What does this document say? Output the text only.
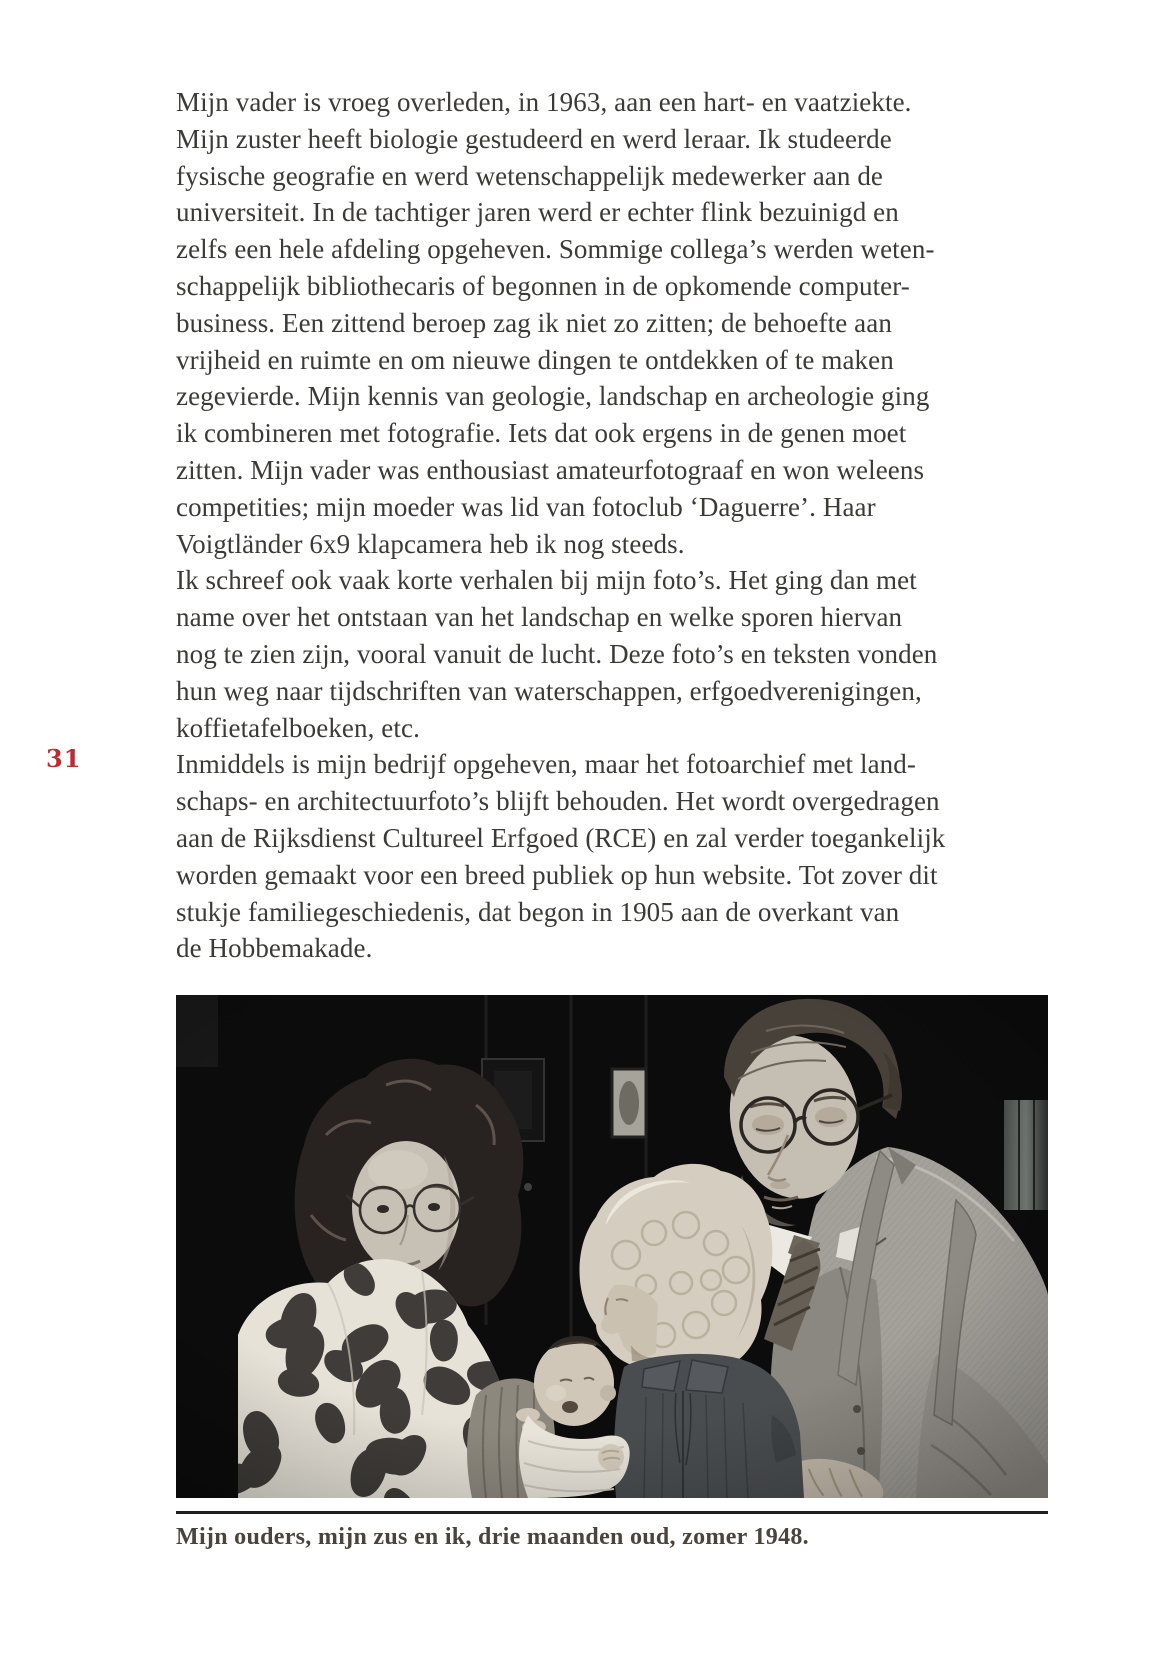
31
Mijn vader is vroeg overleden, in 1963, aan een hart- en vaatziekte.
Mijn zuster heeft biologie gestudeerd en werd leraar. Ik studeerde
fysische geografie en werd wetenschappelijk medewerker aan de
universiteit. In de tachtiger jaren werd er echter flink bezuinigd en
zelfs een hele afdeling opgeheven. Sommige collega’s werden weten-
schappelijk bibliothecaris of begonnen in de opkomende computer-
business. Een zittend beroep zag ik niet zo zitten; de behoefte aan
vrijheid en ruimte en om nieuwe dingen te ontdekken of te maken
zegevierde. Mijn kennis van geologie, landschap en archeologie ging
ik combineren met fotografie. Iets dat ook ergens in de genen moet
zitten. Mijn vader was enthousiast amateurfotograaf en won weleens
competities; mijn moeder was lid van fotoclub ‘Daguerre’. Haar
Voigtländer 6x9 klapcamera heb ik nog steeds.
Ik schreef ook vaak korte verhalen bij mijn foto’s. Het ging dan met
name over het ontstaan van het landschap en welke sporen hiervan
nog te zien zijn, vooral vanuit de lucht. Deze foto’s en teksten vonden
hun weg naar tijdschriften van waterschappen, erfgoedverenigingen,
koffietafelboeken, etc.
Inmiddels is mijn bedrijf opgeheven, maar het fotoarchief met land-
schaps- en architectuurfoto’s blijft behouden. Het wordt overgedragen
aan de Rijksdienst Cultureel Erfgoed (RCE) en zal verder toegankelijk
worden gemaakt voor een breed publiek op hun website. Tot zover dit
stukje familiegeschiedenis, dat begon in 1905 aan de overkant van
de Hobbemakade.
Mijn ouders, mijn zus en ik, drie maanden oud, zomer 1948.
